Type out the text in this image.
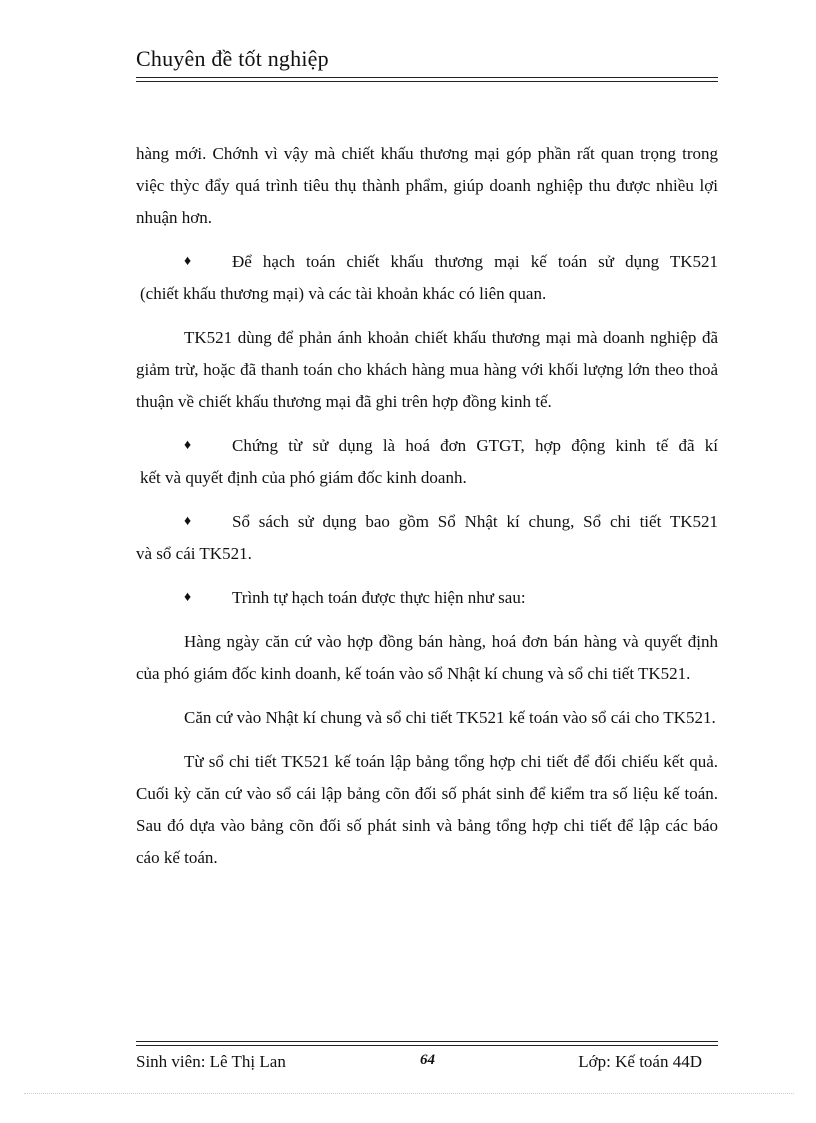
Chuyên đề tốt nghiệp

hàng mới. Chớnh vì vậy mà chiết khấu thương mại góp phần rất quan trọng trong việc thỳc đẩy quá trình tiêu thụ thành phẩm, giúp doanh nghiệp thu được nhiều lợi nhuận hơn.

♦	Để hạch toán chiết khấu thương mại kế toán sử dụng TK521
(chiết khấu thương mại) và các tài khoản khác có liên quan.

TK521 dùng để phản ánh khoản chiết khấu thương mại mà doanh nghiệp đã giảm trừ, hoặc đã thanh toán cho khách hàng mua hàng với khối lượng lớn theo thoả thuận về chiết khấu thương mại đã ghi trên hợp đồng kinh tế.

♦	Chứng từ sử dụng là hoá đơn GTGT, hợp động kinh tế đã kí
kết và quyết định của phó giám đốc kinh doanh.
♦	Sổ sách sử dụng bao gồm Sổ Nhật kí chung, Sổ chi tiết TK521
và sổ cái TK521.
♦	Trình tự hạch toán được thực hiện như sau:

Hàng ngày căn cứ vào hợp đồng bán hàng, hoá đơn bán hàng và quyết định của phó giám đốc kinh doanh, kế toán vào sổ Nhật kí chung và sổ chi tiết TK521.

Căn cứ vào Nhật kí chung và sổ chi tiết TK521 kế toán vào sổ cái cho TK521.

Từ sổ chi tiết TK521 kế toán lập bảng tổng hợp chi tiết để đối chiếu kết quả. Cuối kỳ căn cứ vào sổ cái lập bảng cõn đối số phát sinh để kiểm tra số liệu kế toán. Sau đó dựa vào bảng cõn đối số phát sinh và bảng tổng hợp chi tiết để lập các báo cáo kế toán.

Sinh viên: Lê Thị Lan	64	Lớp: Kế toán 44D
